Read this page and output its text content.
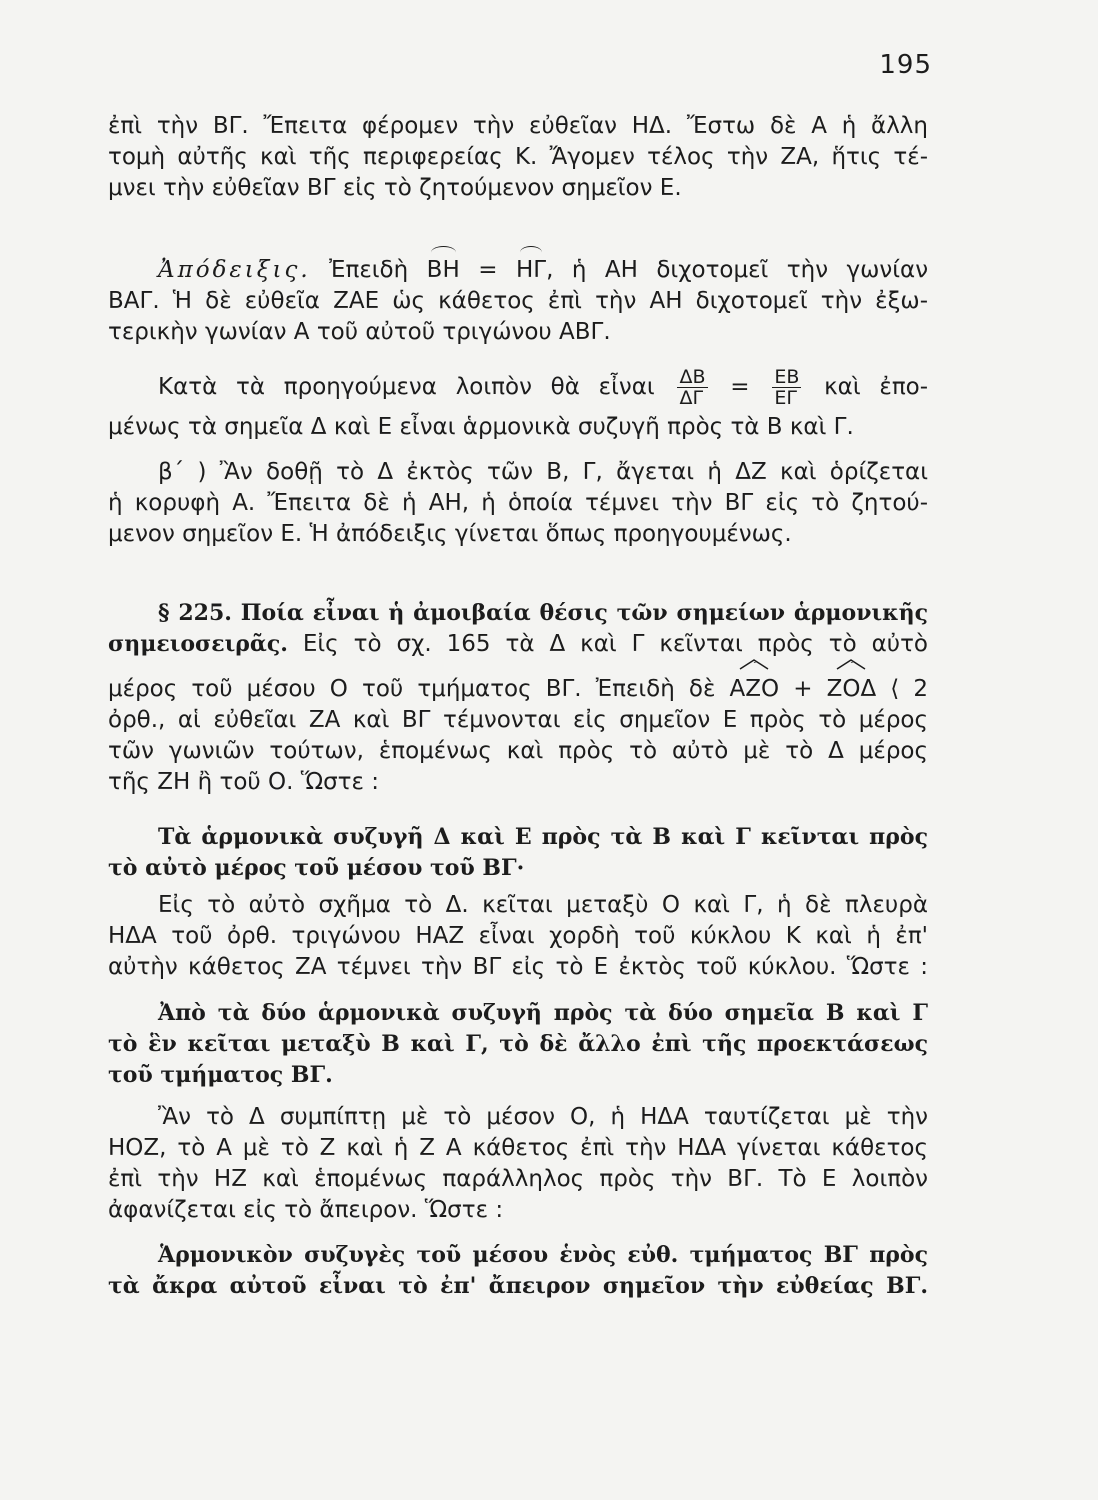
195
ἐπὶ τὴν ΒΓ. Ἔπειτα φέρομεν τὴν εὐθεῖαν ΗΔ. Ἔστω δὲ Α ἡ ἄλλη
τομὴ αὐτῆς καὶ τῆς περιφερείας Κ. Ἄγομεν τέλος τὴν ΖΑ, ἥτις τέ-
μνει τὴν εὐθεῖαν ΒΓ εἰς τὸ ζητούμενον σημεῖον Ε.
Ἀπόδειξις. Ἐπειδὴ ΒΗ = ΗΓ, ἡ ΑΗ διχοτομεῖ τὴν γωνίαν
ΒΑΓ. Ἡ δὲ εὐθεῖα ΖΑΕ ὡς κάθετος ἐπὶ τὴν ΑΗ διχοτομεῖ τὴν ἐξω-
τερικὴν γωνίαν Α τοῦ αὐτοῦ τριγώνου ΑΒΓ.
Κατὰ τὰ προηγούμενα λοιπὸν θὰ εἶναι $\frac{\Delta B}{\Delta\Gamma} = \frac{EB}{E\Gamma}$ καὶ ἐπο-
μένως τὰ σημεῖα Δ καὶ Ε εἶναι ἁρμονικὰ συζυγῆ πρὸς τὰ Β καὶ Γ.
β΄ ) Ἂν δοθῇ τὸ Δ ἐκτὸς τῶν Β, Γ, ἄγεται ἡ ΔΖ καὶ ὁρίζεται
ἡ κορυφὴ Α. Ἔπειτα δὲ ἡ ΑΗ, ἡ ὁποία τέμνει τὴν ΒΓ εἰς τὸ ζητού-
μενον σημεῖον Ε. Ἡ ἀπόδειξις γίνεται ὅπως προηγουμένως.
§ 225. Ποία εἶναι ἡ ἀμοιβαία θέσις τῶν σημείων ἁρμονικῆς
σημειοσειρᾶς. Εἰς τὸ σχ. 165 τὰ Δ καὶ Γ κεῖνται πρὸς τὸ αὐτὸ
μέρος τοῦ μέσου Ο τοῦ τμήματος ΒΓ. Ἐπειδὴ δὲ
ΑΖΟ +
ΖΟΔ ⟨ 2
ὀρθ., αἱ εὐθεῖαι ΖΑ καὶ ΒΓ τέμνονται εἰς σημεῖον Ε πρὸς τὸ μέρος
τῶν γωνιῶν τούτων, ἑπομένως καὶ πρὸς τὸ αὐτὸ μὲ τὸ Δ μέρος
τῆς ΖΗ ἢ τοῦ Ο. Ὥστε :
Τὰ ἁρμονικὰ συζυγῆ Δ καὶ Ε πρὸς τὰ Β καὶ Γ κεῖνται πρὸς
τὸ αὐτὸ μέρος τοῦ μέσου τοῦ ΒΓ·
Εἰς τὸ αὐτὸ σχῆμα τὸ Δ. κεῖται μεταξὺ Ο καὶ Γ, ἡ δὲ πλευρὰ
ΗΔΑ τοῦ ὀρθ. τριγώνου ΗΑΖ εἶναι χορδὴ τοῦ κύκλου Κ καὶ ἡ ἐπ'
αὐτὴν κάθετος ΖΑ τέμνει τὴν ΒΓ εἰς τὸ Ε ἐκτὸς τοῦ κύκλου. Ὥστε :
Ἀπὸ τὰ δύο ἁρμονικὰ συζυγῆ πρὸς τὰ δύο σημεῖα Β καὶ Γ
τὸ ἓν κεῖται μεταξὺ Β καὶ Γ, τὸ δὲ ἄλλο ἐπὶ τῆς προεκτάσεως
τοῦ τμήματος ΒΓ.
Ἂν τὸ Δ συμπίπτῃ μὲ τὸ μέσον Ο, ἡ ΗΔΑ ταυτίζεται μὲ τὴν
ΗΟΖ, τὸ Α μὲ τὸ Ζ καὶ ἡ Ζ Α κάθετος ἐπὶ τὴν ΗΔΑ γίνεται κάθετος
ἐπὶ τὴν ΗΖ καὶ ἑπομένως παράλληλος πρὸς τὴν ΒΓ. Τὸ Ε λοιπὸν
ἀφανίζεται εἰς τὸ ἄπειρον. Ὥστε :
Ἁρμονικὸν συζυγὲς τοῦ μέσου ἑνὸς εὐθ. τμήματος ΒΓ πρὸς
τὰ ἄκρα αὐτοῦ εἶναι τὸ ἐπ' ἄπειρον σημεῖον τὴν εὐθείας ΒΓ.
